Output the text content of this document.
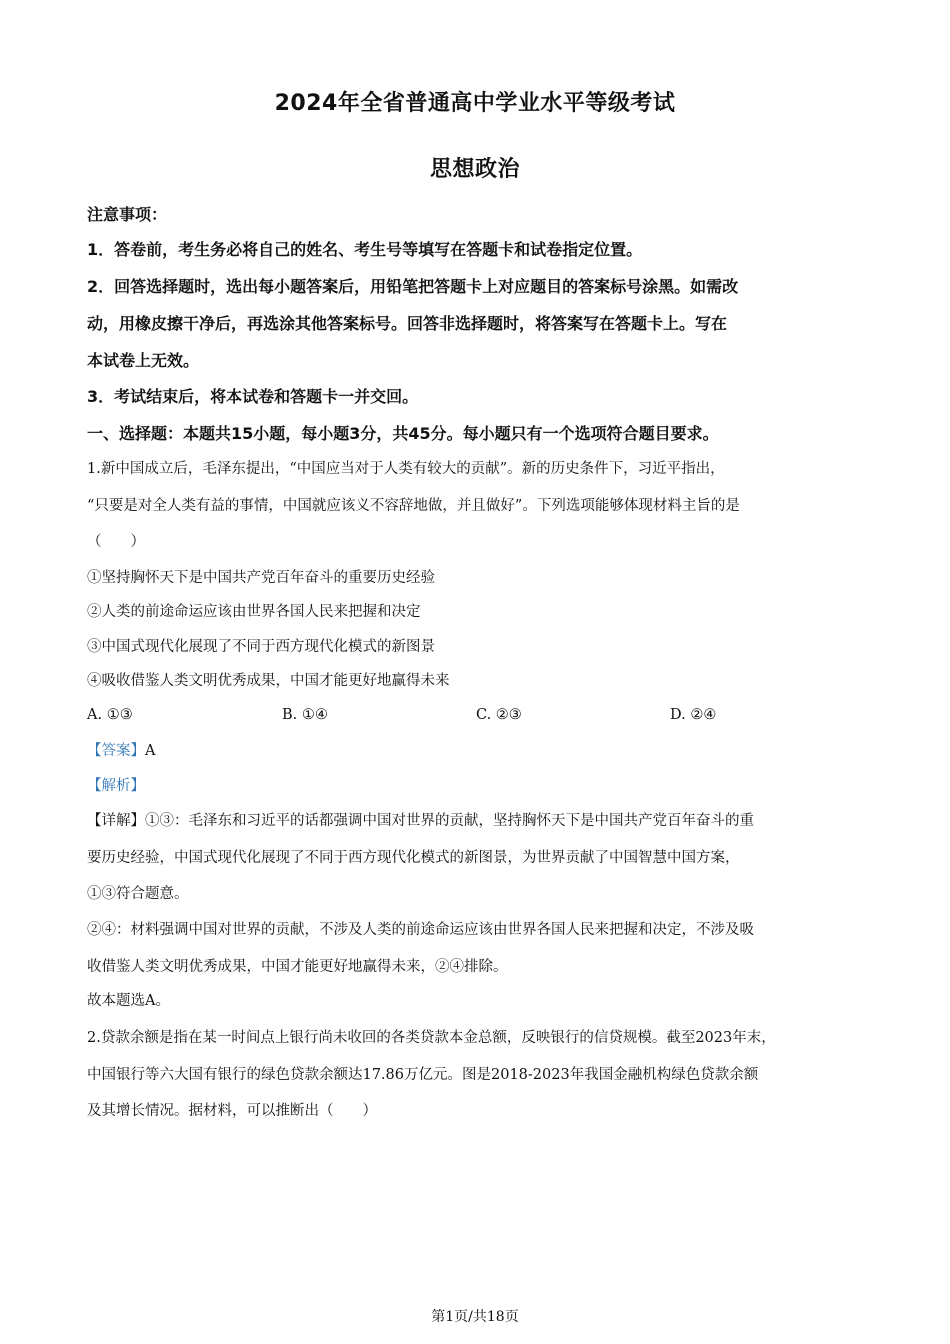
2024年全省普通高中学业水平等级考试
思想政治
注意事项：
1．答卷前，考生务必将自己的姓名、考生号等填写在答题卡和试卷指定位置。
2．回答选择题时，选出每小题答案后，用铅笔把答题卡上对应题目的答案标号涂黑。如需改
动，用橡皮擦干净后，再选涂其他答案标号。回答非选择题时，将答案写在答题卡上。写在
本试卷上无效。
3．考试结束后，将本试卷和答题卡一并交回。
一、选择题：本题共15小题，每小题3分，共45分。每小题只有一个选项符合题目要求。
1.新中国成立后，毛泽东提出，“中国应当对于人类有较大的贡献”。新的历史条件下，习近平指出，
“只要是对全人类有益的事情，中国就应该义不容辞地做，并且做好”。下列选项能够体现材料主旨的是
（　　）
①坚持胸怀天下是中国共产党百年奋斗的重要历史经验
②人类的前途命运应该由世界各国人民来把握和决定
③中国式现代化展现了不同于西方现代化模式的新图景
④吸收借鉴人类文明优秀成果，中国才能更好地赢得未来
A. ①③	B. ①④	C. ②③	D. ②④
【答案】A
【解析】
【详解】①③：毛泽东和习近平的话都强调中国对世界的贡献，坚持胸怀天下是中国共产党百年奋斗的重
要历史经验，中国式现代化展现了不同于西方现代化模式的新图景，为世界贡献了中国智慧中国方案，
①③符合题意。
②④：材料强调中国对世界的贡献，不涉及人类的前途命运应该由世界各国人民来把握和决定，不涉及吸
收借鉴人类文明优秀成果，中国才能更好地赢得未来，②④排除。
故本题选A。
2.贷款余额是指在某一时间点上银行尚未收回的各类贷款本金总额，反映银行的信贷规模。截至2023年末，
中国银行等六大国有银行的绿色贷款余额达17.86万亿元。图是2018-2023年我国金融机构绿色贷款余额
及其增长情况。据材料，可以推断出（　　）
第1页/共18页
